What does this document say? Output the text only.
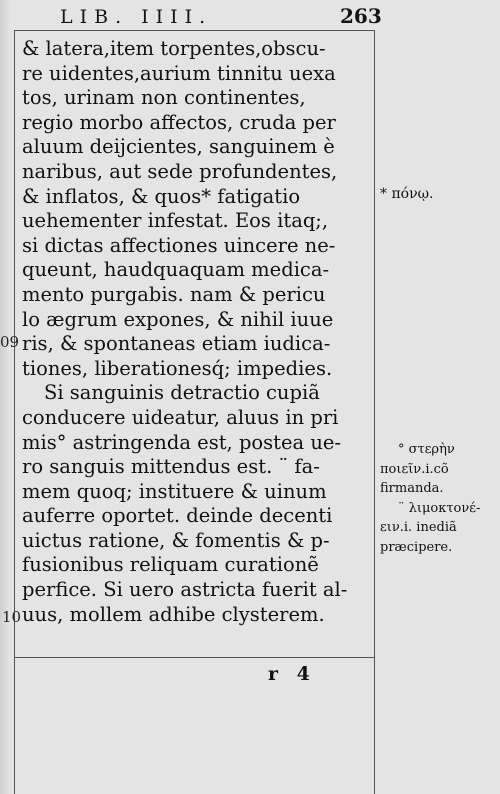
LIB. IIII.	263
& latera,item torpentes,obscu-
re uidentes,aurium tinnitu uexa
tos, urinam non continentes,
regio morbo affectos, cruda per
aluum deijcientes, sanguinem è
naribus, aut sede profundentes,
& inflatos, & quos* fatigatio
uehementer infestat. Eos itaq;,
si dictas affectiones uincere ne-
queunt, haudquaquam medica-
mento purgabis. nam & pericu
lo ægrum expones, & nihil iuue
ris, & spontaneas etiam iudica-
tiones, liberationesq́; impedies.
Si sanguinis detractio cupiã
conducere uideatur, aluus in pri
mis° astringenda est, postea ue-
ro sanguis mittendus est. ¨ fa-
mem quoq; instituere & uinum
auferre oportet. deinde decenti
uictus ratione, & fomentis & p-
fusionibus reliquam curationẽ
perfice. Si uero astricta fuerit al-
uus, mollem adhibe clysterem.
09
10
* πόνῳ.
° στερὴν
ποιεῖν.i.cõ
firmanda.
¨ λιμοκτονέ-
ειν.i. inediã
præcipere.
r 4
